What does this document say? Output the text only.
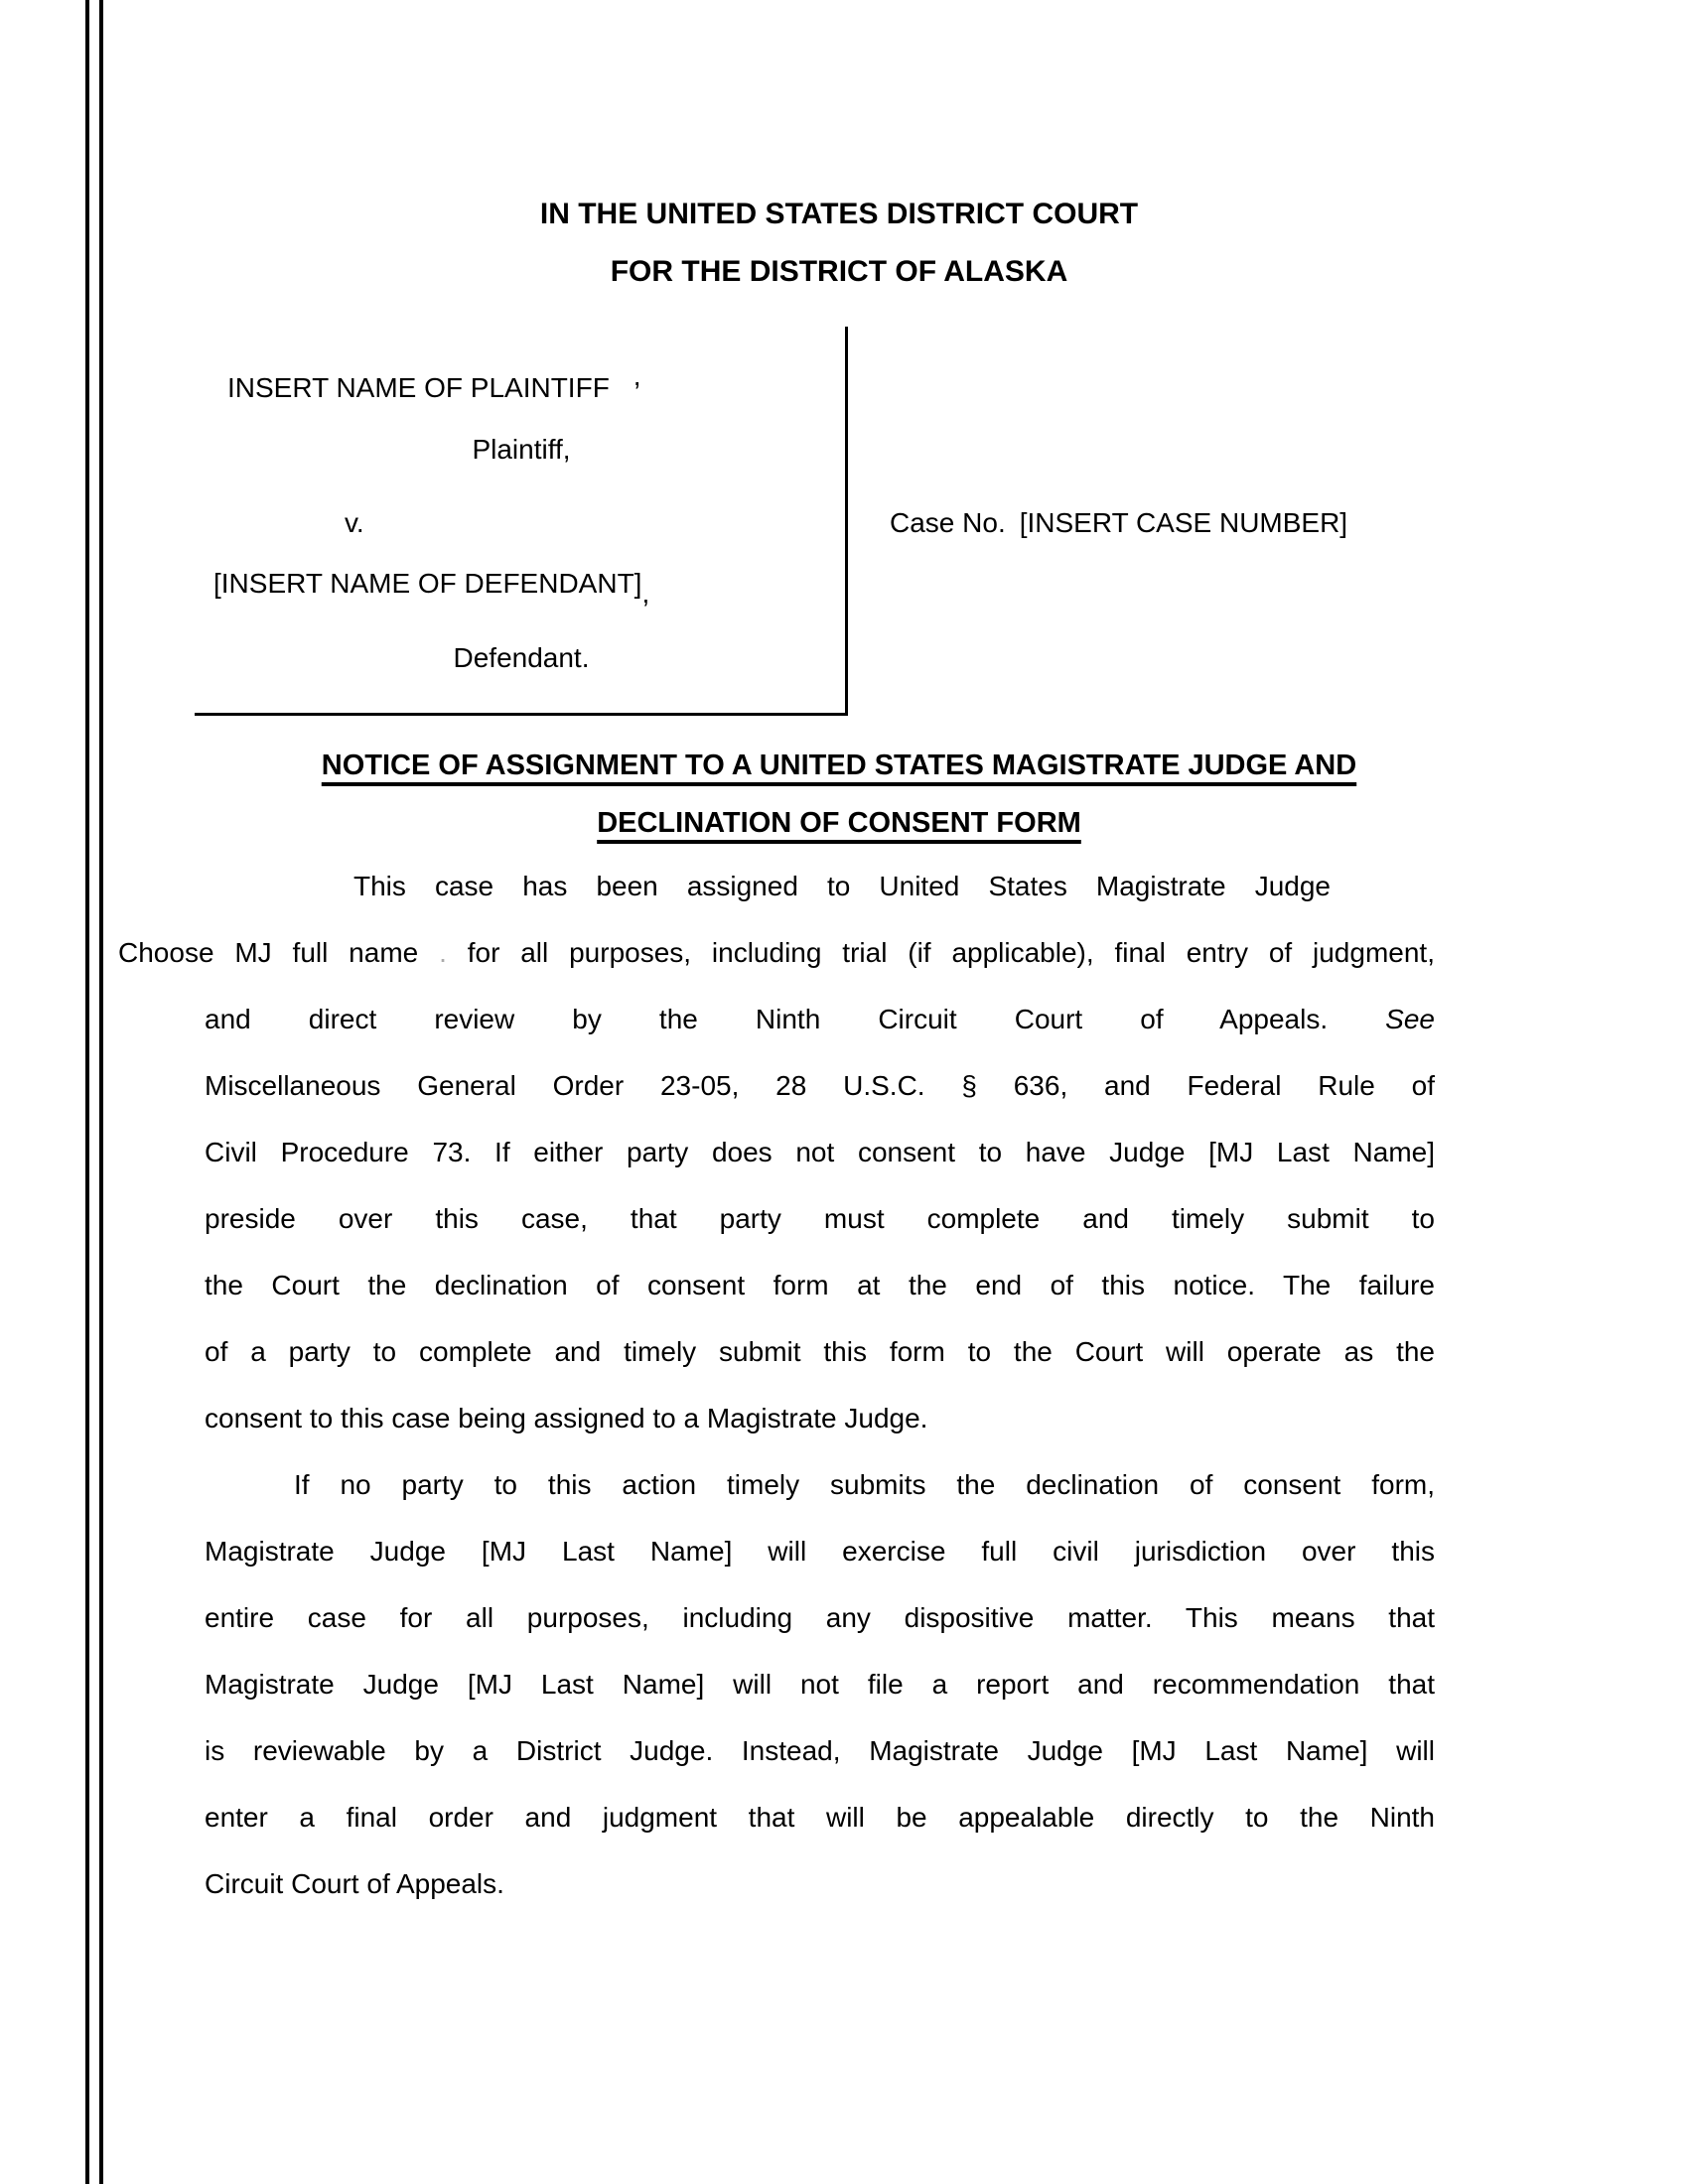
IN THE UNITED STATES DISTRICT COURT
FOR THE DISTRICT OF ALASKA
INSERT NAME OF PLAINTIFF ,
Plaintiff,
v.
[INSERT NAME OF DEFENDANT],
Defendant.
Case No. [INSERT CASE NUMBER]
NOTICE OF ASSIGNMENT TO A UNITED STATES MAGISTRATE JUDGE AND
DECLINATION OF CONSENT FORM
This case has been assigned to United States Magistrate Judge
Choose MJ full name . for all purposes, including trial (if applicable), final entry of judgment,
and direct review by the Ninth Circuit Court of Appeals. See
Miscellaneous General Order 23-05, 28 U.S.C. § 636, and Federal Rule of
Civil Procedure 73. If either party does not consent to have Judge [MJ Last Name]
preside over this case, that party must complete and timely submit to
the Court the declination of consent form at the end of this notice. The failure
of a party to complete and timely submit this form to the Court will operate as the
consent to this case being assigned to a Magistrate Judge.
If no party to this action timely submits the declination of consent form,
Magistrate Judge [MJ Last Name] will exercise full civil jurisdiction over this
entire case for all purposes, including any dispositive matter. This means that
Magistrate Judge [MJ Last Name] will not file a report and recommendation that
is reviewable by a District Judge. Instead, Magistrate Judge [MJ Last Name] will
enter a final order and judgment that will be appealable directly to the Ninth
Circuit Court of Appeals.
